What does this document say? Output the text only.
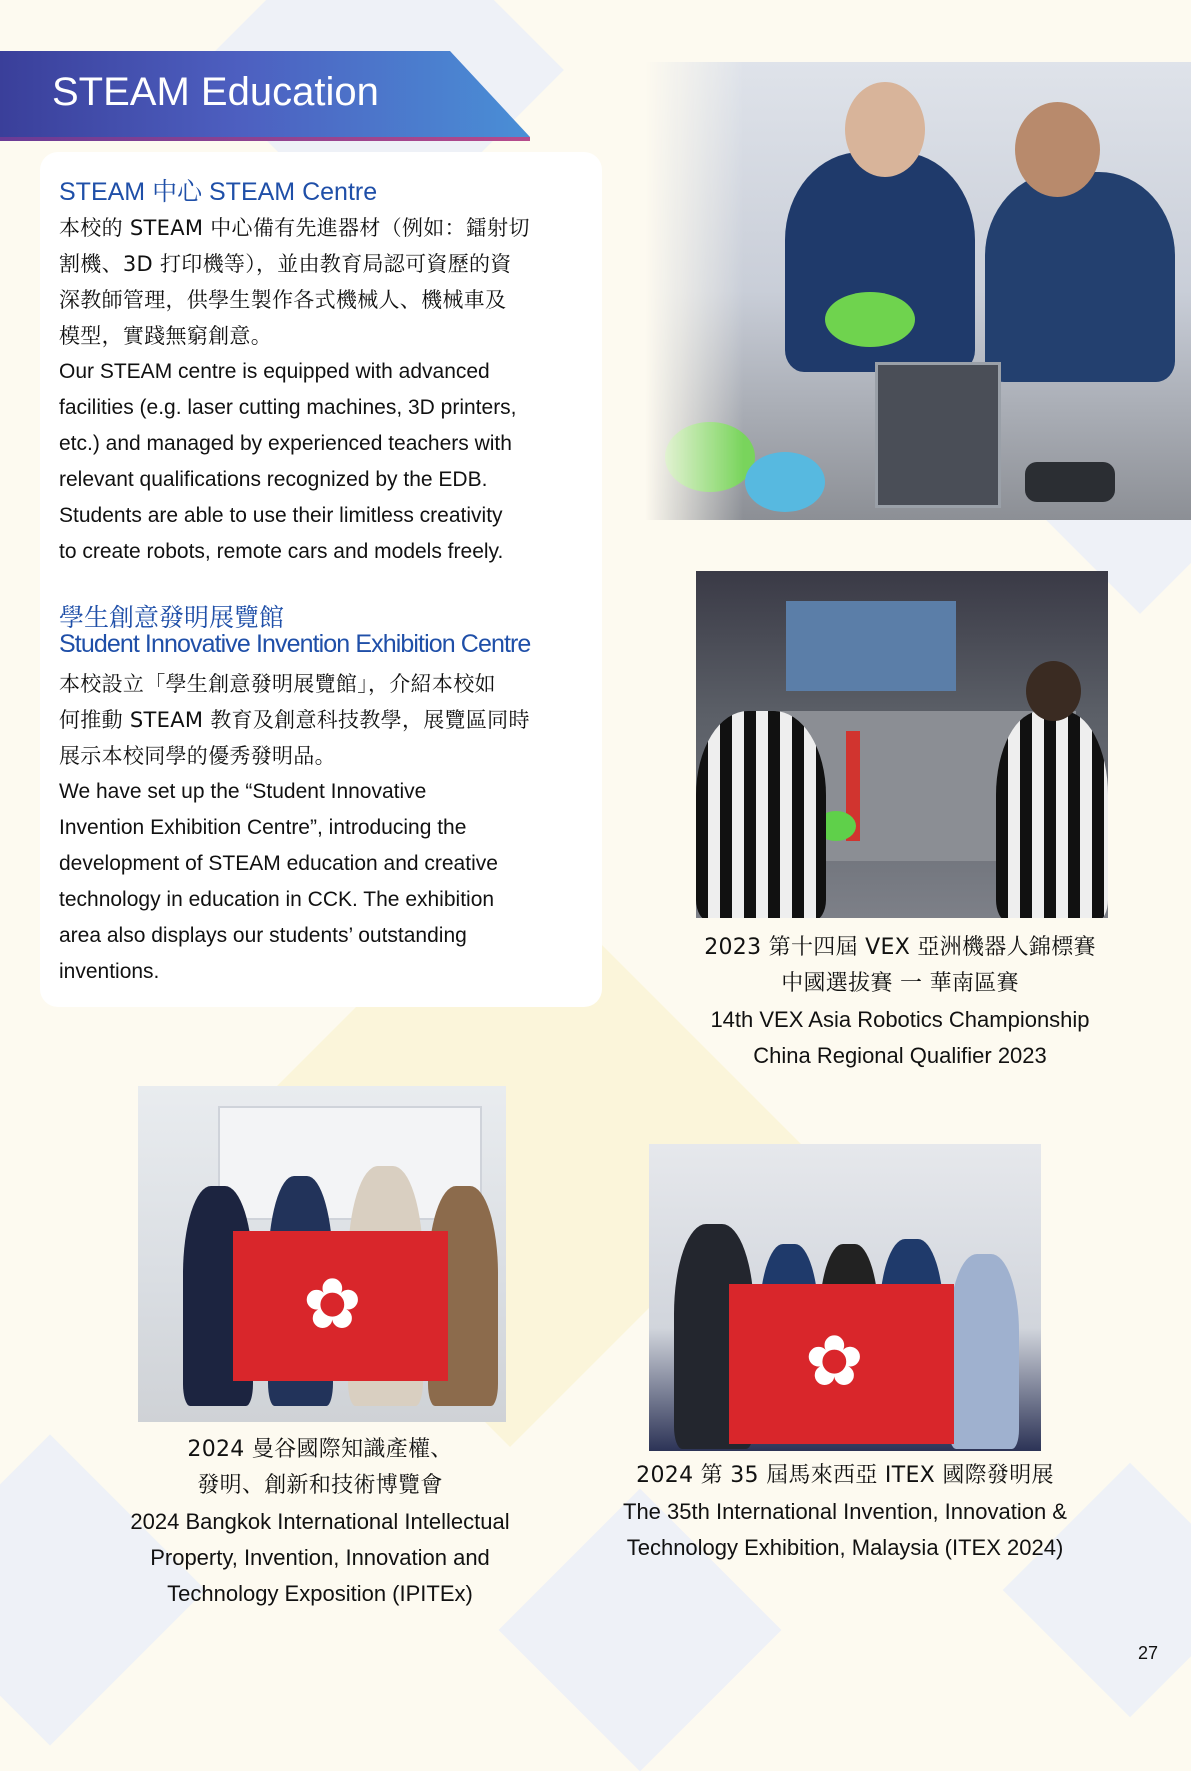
STEAM Education
STEAM 中心 STEAM Centre
本校的 STEAM 中心備有先進器材（例如：鐳射切
割機、3D 打印機等），並由教育局認可資歷的資
深教師管理，供學生製作各式機械人、機械車及
模型，實踐無窮創意。
Our STEAM centre is equipped with advanced
facilities (e.g. laser cutting machines, 3D printers,
etc.) and managed by experienced teachers with
relevant qualifications recognized by the EDB.
Students are able to use their limitless creativity
to create robots, remote cars and models freely.
學生創意發明展覽館
Student Innovative Invention Exhibition Centre
本校設立「學生創意發明展覽館」，介紹本校如
何推動 STEAM 教育及創意科技教學，展覽區同時
展示本校同學的優秀發明品。
We have set up the “Student Innovative
Invention Exhibition Centre”, introducing the
development of STEAM education and creative
technology in education in CCK. The exhibition
area also displays our students’ outstanding
inventions.
2023 第十四屆 VEX 亞洲機器人錦標賽
中國選拔賽 一 華南區賽
14th VEX Asia Robotics Championship
China Regional Qualifier 2023
✿
2024 曼谷國際知識產權、
發明、創新和技術博覽會
2024 Bangkok International Intellectual
Property, Invention, Innovation and
Technology Exposition (IPITEx)
✿
2024 第 35 屆馬來西亞 ITEX 國際發明展
The 35th International Invention, Innovation &
Technology Exhibition, Malaysia (ITEX 2024)
27
